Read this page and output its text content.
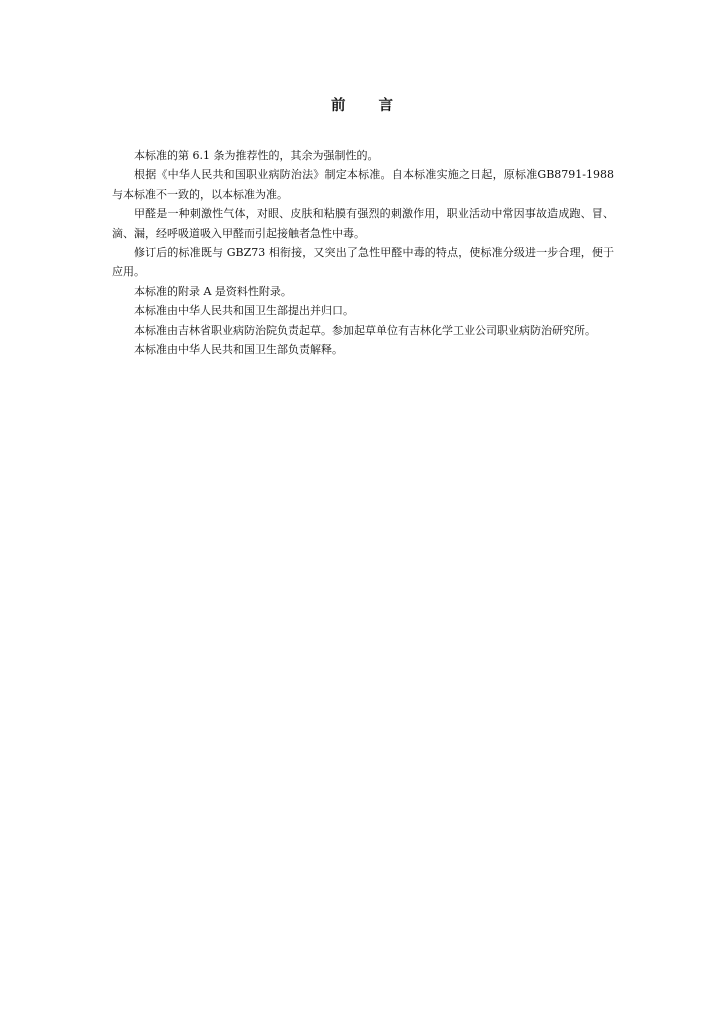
前 言

本标准的第 6.1 条为推荐性的，其余为强制性的。

根据《中华人民共和国职业病防治法》制定本标准。自本标准实施之日起，原标准GB8791-1988 与本标准不一致的，以本标准为准。

甲醛是一种刺激性气体，对眼、皮肤和粘膜有强烈的刺激作用，职业活动中常因事故造成跑、冒、滴、漏，经呼吸道吸入甲醛而引起接触者急性中毒。

修订后的标准既与 GBZ73 相衔接，又突出了急性甲醛中毒的特点，使标准分级进一步合理，便于应用。

本标准的附录 A 是资料性附录。

本标准由中华人民共和国卫生部提出并归口。

本标准由吉林省职业病防治院负责起草。参加起草单位有吉林化学工业公司职业病防治研究所。

本标准由中华人民共和国卫生部负责解释。
